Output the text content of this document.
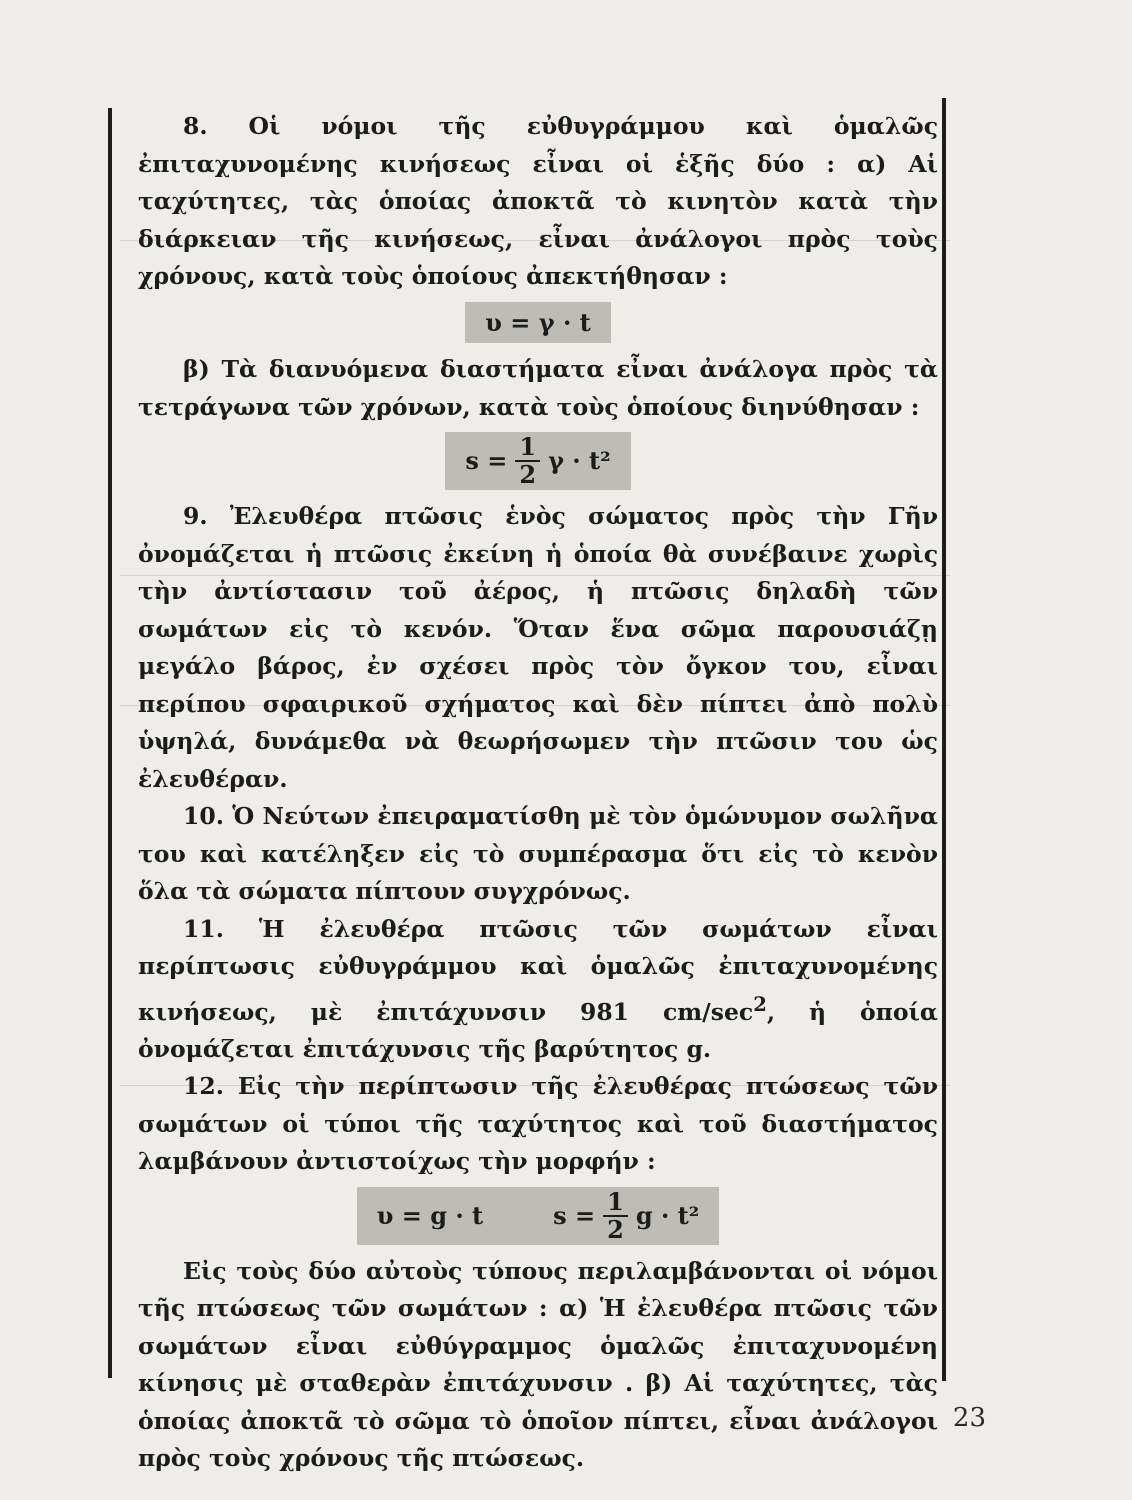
8. Οἱ νόμοι τῆς εὐθυγράμμου καὶ ὁμαλῶς ἐπιταχυνομένης κινήσεως εἶναι οἱ ἑξῆς δύο : α) Αἱ ταχύτητες, τὰς ὁποίας ἀποκτᾶ τὸ κινητὸν κατὰ τὴν διάρκειαν τῆς κινήσεως, εἶναι ἀνάλογοι πρὸς τοὺς χρόνους, κατὰ τοὺς ὁποίους ἀπεκτήθησαν :

υ = γ · t

β) Τὰ διανυόμενα διαστήματα εἶναι ἀνάλογα πρὸς τὰ τετράγωνα τῶν χρόνων, κατὰ τοὺς ὁποίους διηνύθησαν :

$s = \frac{1}{2}$ γ · t²

9. Ἐλευθέρα πτῶσις ἑνὸς σώματος πρὸς τὴν Γῆν ὀνομάζεται ἡ πτῶσις ἐκείνη ἡ ὁποία θὰ συνέβαινε χωρὶς τὴν ἀντίστασιν τοῦ ἀέρος, ἡ πτῶσις δηλαδὴ τῶν σωμάτων εἰς τὸ κενόν. Ὅταν ἕνα σῶμα παρουσιάζῃ μεγάλο βάρος, ἐν σχέσει πρὸς τὸν ὄγκον του, εἶναι περίπου σφαιρικοῦ σχήματος καὶ δὲν πίπτει ἀπὸ πολὺ ὑψηλά, δυνάμεθα νὰ θεωρήσωμεν τὴν πτῶσιν του ὡς ἐλευθέραν.

10. Ὁ Νεύτων ἐπειραματίσθη μὲ τὸν ὁμώνυμον σωλῆνα του καὶ κατέληξεν εἰς τὸ συμπέρασμα ὅτι εἰς τὸ κενὸν ὅλα τὰ σώματα πίπτουν συγχρόνως.

11. Ἡ ἐλευθέρα πτῶσις τῶν σωμάτων εἶναι περίπτωσις εὐθυγράμμου καὶ ὁμαλῶς ἐπιταχυνομένης κινήσεως, μὲ ἐπιτάχυνσιν 981 $cm/\sec^2$, ἡ ὁποία ὀνομάζεται ἐπιτάχυνσις τῆς βαρύτητος g.

12. Εἰς τὴν περίπτωσιν τῆς ἐλευθέρας πτώσεως τῶν σωμάτων οἱ τύποι τῆς ταχύτητος καὶ τοῦ διαστήματος λαμβάνουν ἀντιστοίχως τὴν μορφήν :

υ = g · t	$s = \frac{1}{2}$ g · t²

Εἰς τοὺς δύο αὐτοὺς τύπους περιλαμβάνονται οἱ νόμοι τῆς πτώσεως τῶν σωμάτων : α) Ἡ ἐλευθέρα πτῶσις τῶν σωμάτων εἶναι εὐθύγραμμος ὁμαλῶς ἐπιταχυνομένη κίνησις μὲ σταθερὰν ἐπιτάχυνσιν . β) Αἱ ταχύτητες, τὰς ὁποίας ἀποκτᾶ τὸ σῶμα τὸ ὁποῖον πίπτει, εἶναι ἀνάλογοι πρὸς τοὺς χρόνους τῆς πτώσεως.

23
